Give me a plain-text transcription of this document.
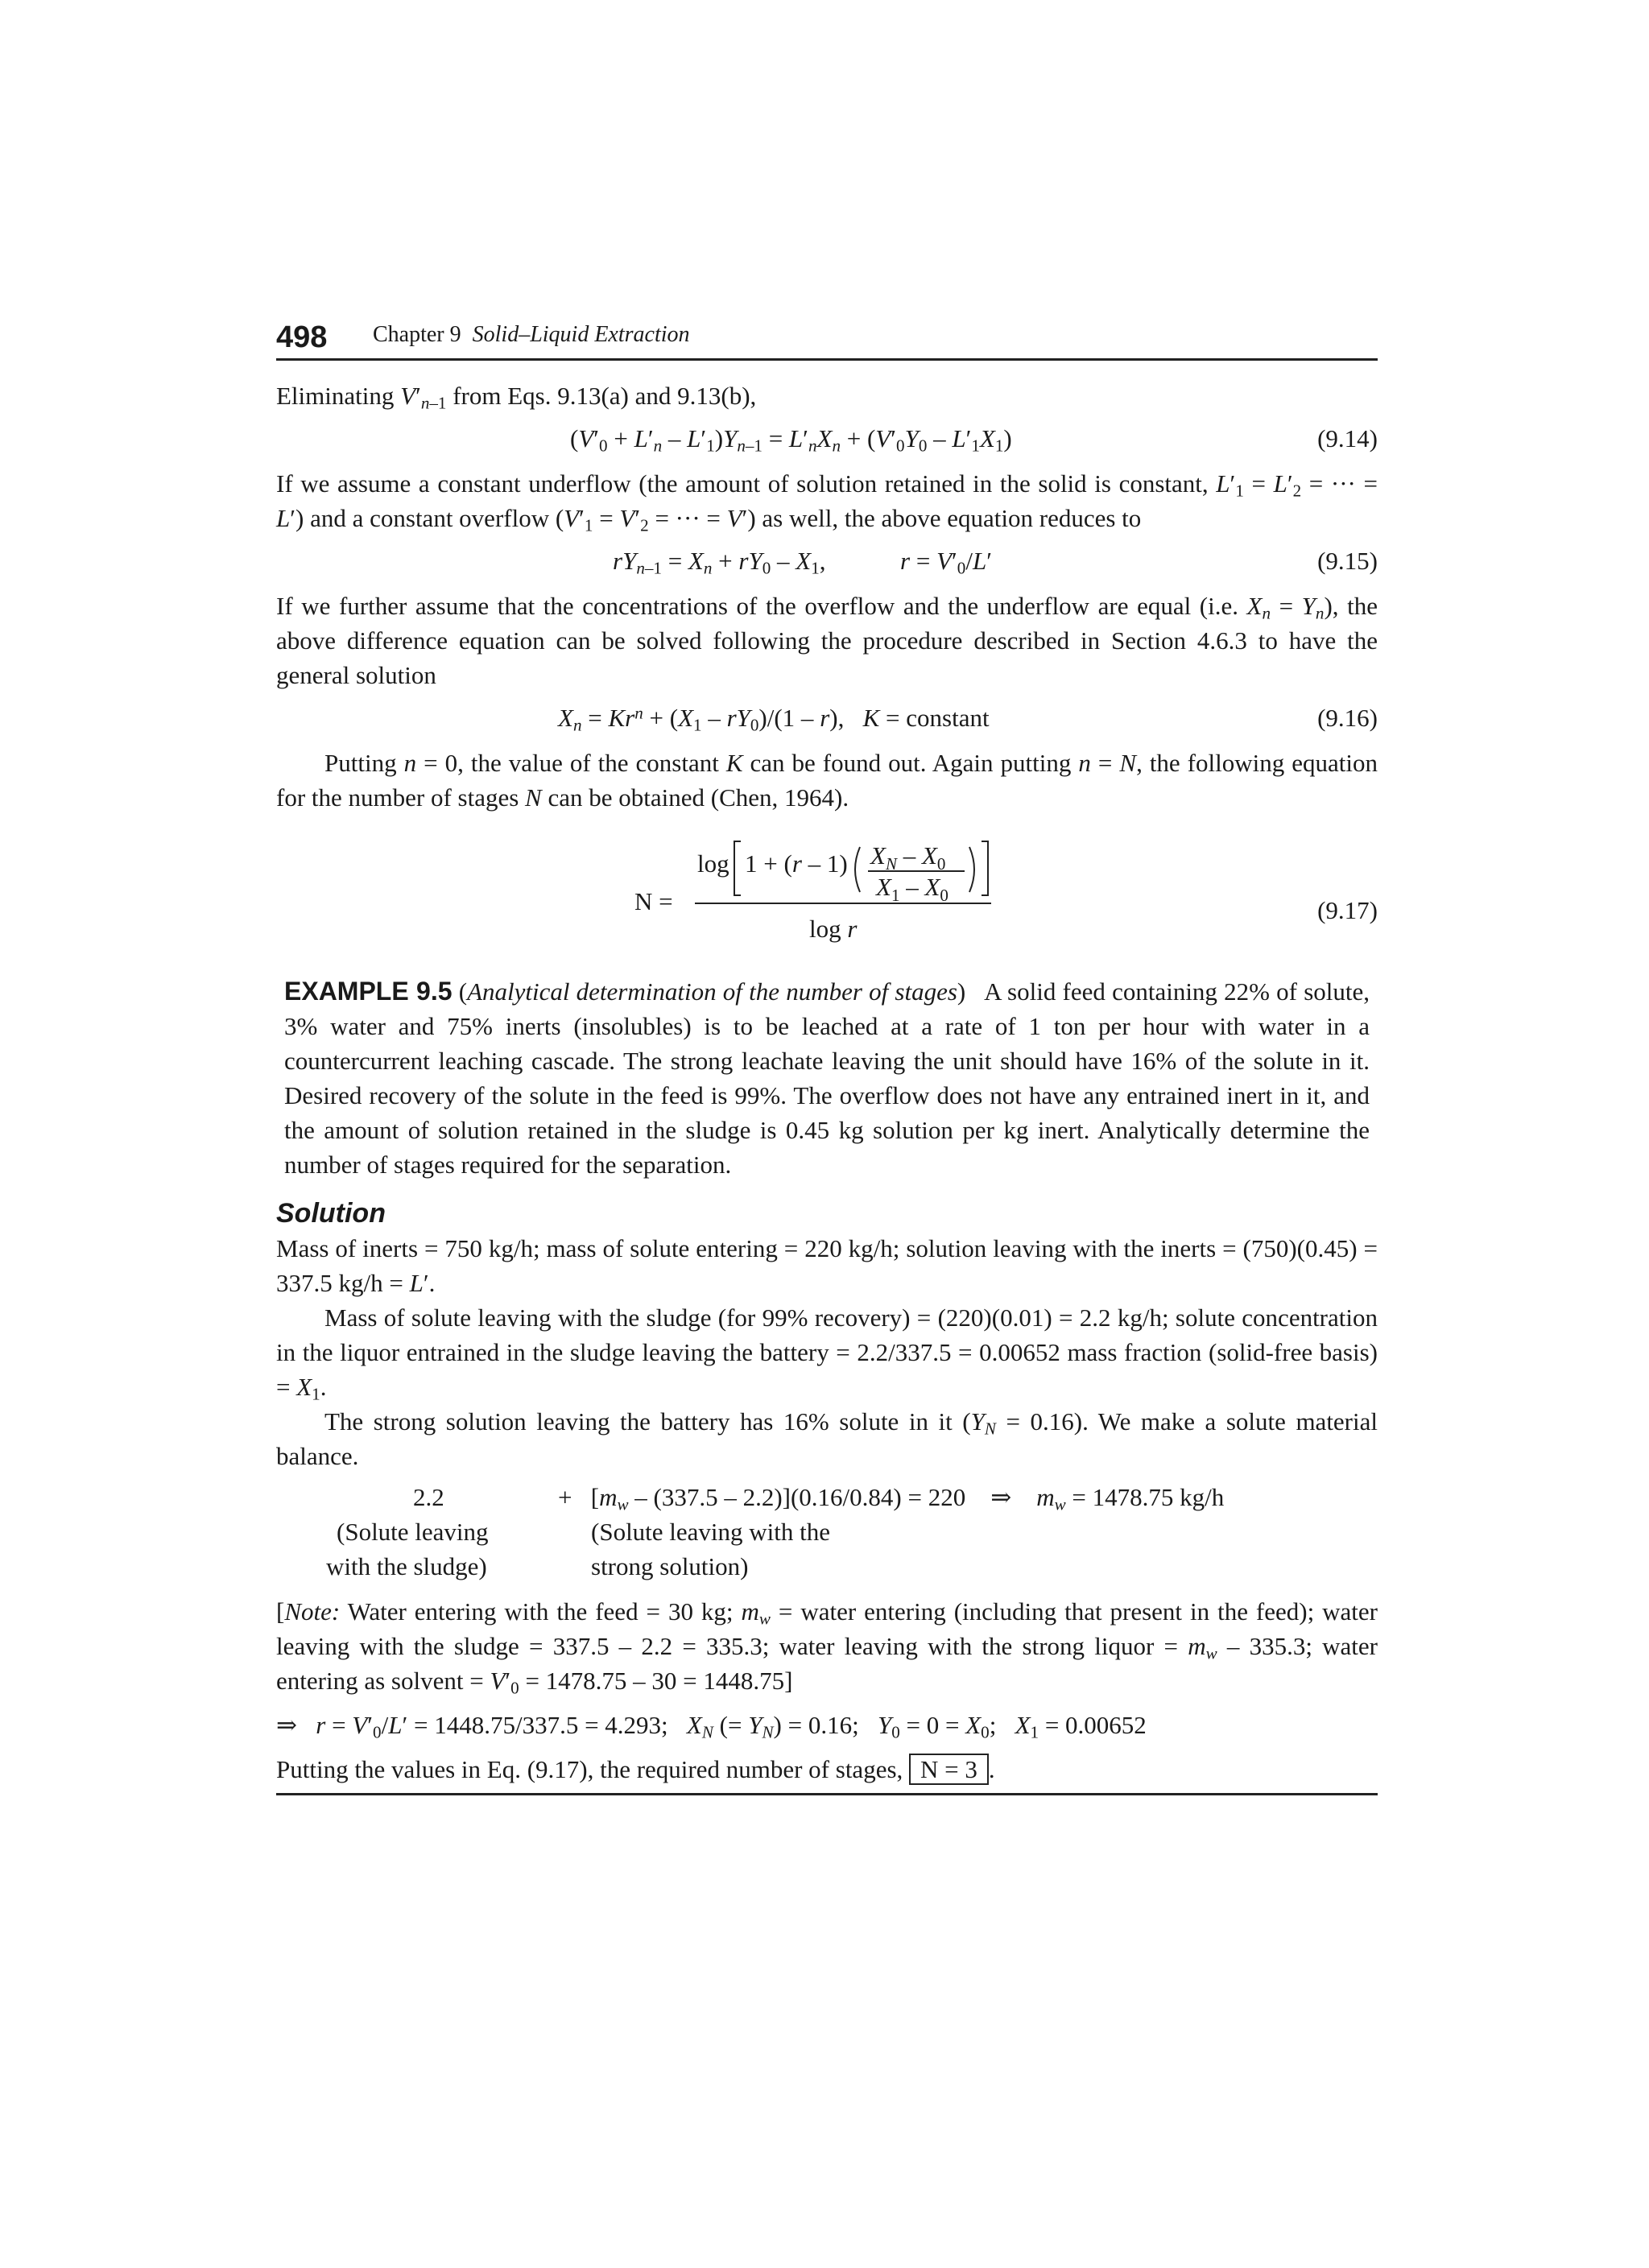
498 Chapter 9 Solid–Liquid Extraction

Eliminating $V'_{n-1}$ from Eqs. 9.13(a) and 9.13(b),

$(V'_0 + L'_n - L'_1)Y_{n-1} = L'_nX_n + (V'_0Y_0 - L'_1X_1)$	(9.14)

If we assume a constant underflow (the amount of solution retained in the solid is constant, $L'_1 = L'_2$ = ··· = L′) and a constant overflow ($V'_1 = V'_2$ = ··· = V′) as well, the above equation reduces to

$rY_{n-1} = X_n + rY_0 - X_1$,	$r = V'_0/L'$	(9.15)

If we further assume that the concentrations of the overflow and the underflow are equal (i.e. $X_n = Y_n$), the above difference equation can be solved following the procedure described in Section 4.6.3 to have the general solution

$X_n = Kr^n + (X_1 - rY_0)/(1 - r)$,   K = constant	(9.16)

Putting n = 0, the value of the constant K can be found out. Again putting n = N, the following equation for the number of stages N can be obtained (Chen, 1964).

N =
log 1 + (r – 1) $X_N - X_0$
$X_1 - X_0$
log r
(9.17)

EXAMPLE 9.5 (Analytical determination of the number of stages)   A solid feed containing 22% of solute, 3% water and 75% inerts (insolubles) is to be leached at a rate of 1 ton per hour with water in a countercurrent leaching cascade. The strong leachate leaving the unit should have 16% of the solute in it. Desired recovery of the solute in the feed is 99%. The overflow does not have any entrained inert in it, and the amount of solution retained in the sludge is 0.45 kg solution per kg inert. Analytically determine the number of stages required for the separation.

Solution

Mass of inerts = 750 kg/h; mass of solute entering = 220 kg/h; solution leaving with the inerts = (750)(0.45) = 337.5 kg/h = L′.

Mass of solute leaving with the sludge (for 99% recovery) = (220)(0.01) = 2.2 kg/h; solute concentration in the liquor entrained in the sludge leaving the battery = 2.2/337.5 = 0.00652 mass fraction (solid-free basis) = $X_1$.

The strong solution leaving the battery has 16% solute in it $(Y_N = 0.16)$. We make a solute material balance.

2.2
(Solute leaving
with the sludge)
+   $[m_w - (337.5 - 2.2)](0.16/0.84) = 220$    ⇒    $m_w = 1478.75$ kg/h
(Solute leaving with the
strong solution)

[Note: Water entering with the feed = 30 kg; $m_w$ = water entering (including that present in the feed); water leaving with the sludge = 337.5 – 2.2 = 335.3; water leaving with the strong liquor = $m_w - 335.3$; water entering as solvent = $V'_0 = 1478.75 - 30 = 1448.75$]

⇒   $r = V'_0/L' = 1448.75/337.5 = 4.293$;   $X_N$ (= $Y_N) = 0.16$;   $Y_0 = 0 = X_0$;   $X_1 = 0.00652$

Putting the values in Eq. (9.17), the required number of stages, N = 3 .
